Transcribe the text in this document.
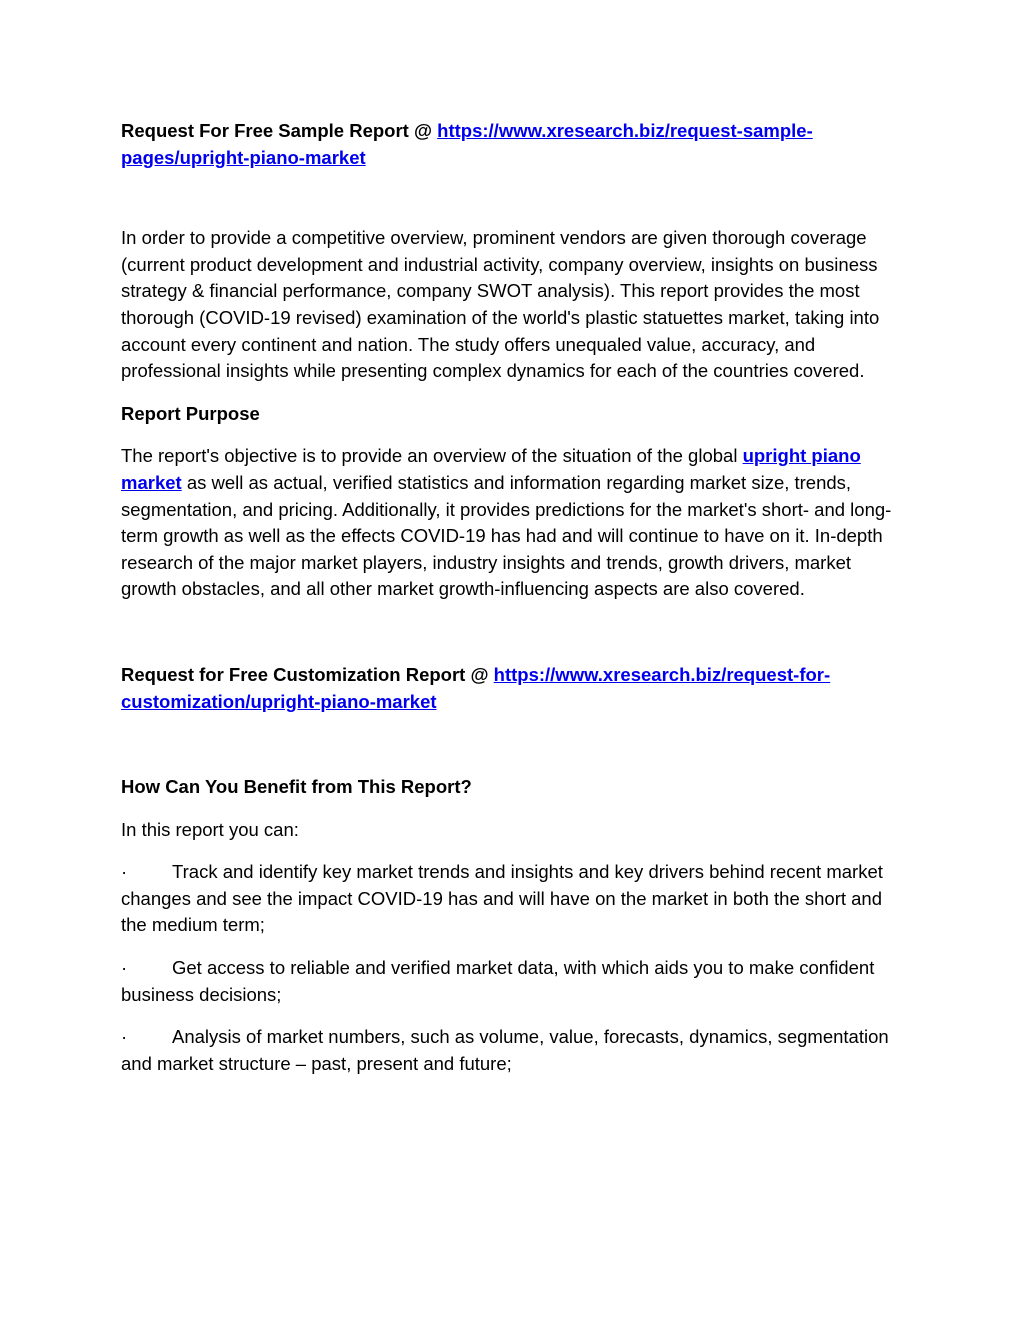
Request For Free Sample Report @ https://www.xresearch.biz/request-sample-pages/upright-piano-market

In order to provide a competitive overview, prominent vendors are given thorough coverage (current product development and industrial activity, company overview, insights on business strategy & financial performance, company SWOT analysis). This report provides the most thorough (COVID-19 revised) examination of the world's plastic statuettes market, taking into account every continent and nation. The study offers unequaled value, accuracy, and professional insights while presenting complex dynamics for each of the countries covered.

Report Purpose

The report's objective is to provide an overview of the situation of the global upright piano market as well as actual, verified statistics and information regarding market size, trends, segmentation, and pricing. Additionally, it provides predictions for the market's short- and long-term growth as well as the effects COVID-19 has had and will continue to have on it. In-depth research of the major market players, industry insights and trends, growth drivers, market growth obstacles, and all other market growth-influencing aspects are also covered.

Request for Free Customization Report @ https://www.xresearch.biz/request-for-customization/upright-piano-market

How Can You Benefit from This Report?

In this report you can:

· Track and identify key market trends and insights and key drivers behind recent market changes and see the impact COVID-19 has and will have on the market in both the short and the medium term;

· Get access to reliable and verified market data, with which aids you to make confident business decisions;

· Analysis of market numbers, such as volume, value, forecasts, dynamics, segmentation and market structure – past, present and future;
